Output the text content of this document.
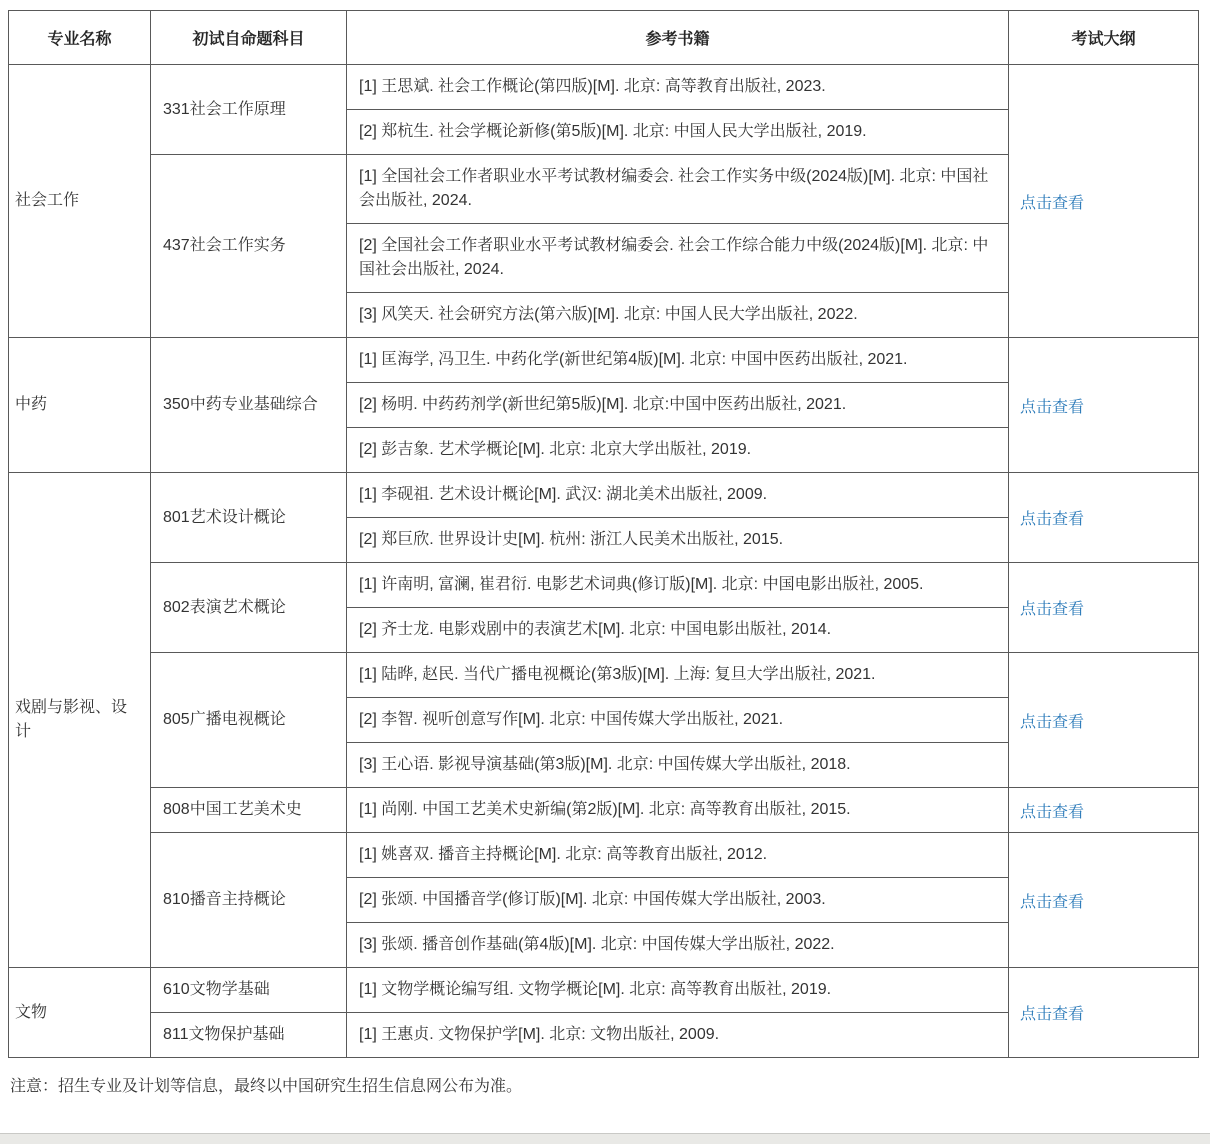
专业名称	初试自命题科目	参考书籍	考试大纲
社会工作	331社会工作原理	[1] 王思斌. 社会工作概论(第四版)[M]. 北京: 高等教育出版社, 2023.	点击查看
		[2] 郑杭生. 社会学概论新修(第5版)[M]. 北京: 中国人民大学出版社, 2019.	
	437社会工作实务	[1] 全国社会工作者职业水平考试教材编委会. 社会工作实务中级(2024版)[M]. 北京: 中国社会出版社, 2024.	
		[2] 全国社会工作者职业水平考试教材编委会. 社会工作综合能力中级(2024版)[M]. 北京: 中国社会出版社, 2024.	
		[3] 风笑天. 社会研究方法(第六版)[M]. 北京: 中国人民大学出版社, 2022.	
中药	350中药专业基础综合	[1] 匡海学, 冯卫生. 中药化学(新世纪第4版)[M]. 北京: 中国中医药出版社, 2021.	点击查看
		[2] 杨明. 中药药剂学(新世纪第5版)[M]. 北京:中国中医药出版社, 2021.	
		[2] 彭吉象. 艺术学概论[M]. 北京: 北京大学出版社, 2019.	
戏剧与影视、设计	801艺术设计概论	[1] 李砚祖. 艺术设计概论[M]. 武汉: 湖北美术出版社, 2009.	点击查看
		[2] 郑巨欣. 世界设计史[M]. 杭州: 浙江人民美术出版社, 2015.	
	802表演艺术概论	[1] 许南明, 富澜, 崔君衍. 电影艺术词典(修订版)[M]. 北京: 中国电影出版社, 2005.	点击查看
		[2] 齐士龙. 电影戏剧中的表演艺术[M]. 北京: 中国电影出版社, 2014.	
	805广播电视概论	[1] 陆晔, 赵民. 当代广播电视概论(第3版)[M]. 上海: 复旦大学出版社, 2021.	点击查看
		[2] 李智. 视听创意写作[M]. 北京: 中国传媒大学出版社, 2021.	
		[3] 王心语. 影视导演基础(第3版)[M]. 北京: 中国传媒大学出版社, 2018.	
	808中国工艺美术史	[1] 尚刚. 中国工艺美术史新编(第2版)[M]. 北京: 高等教育出版社, 2015.	点击查看
	810播音主持概论	[1] 姚喜双. 播音主持概论[M]. 北京: 高等教育出版社, 2012.	点击查看
		[2] 张颂. 中国播音学(修订版)[M]. 北京: 中国传媒大学出版社, 2003.	
		[3] 张颂. 播音创作基础(第4版)[M]. 北京: 中国传媒大学出版社, 2022.	
文物	610文物学基础	[1] 文物学概论编写组. 文物学概论[M]. 北京: 高等教育出版社, 2019.	点击查看
	811文物保护基础	[1] 王惠贞. 文物保护学[M]. 北京: 文物出版社, 2009.	

注意：招生专业及计划等信息，最终以中国研究生招生信息网公布为准。
